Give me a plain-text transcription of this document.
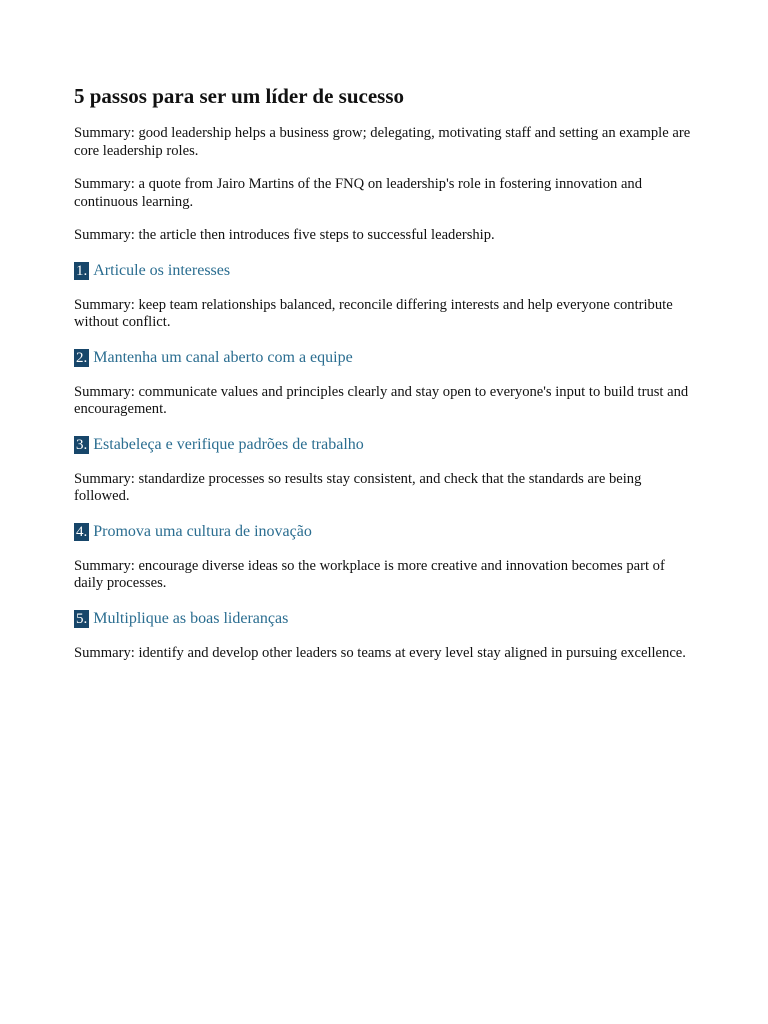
5 passos para ser um líder de sucesso

Summary: good leadership helps a business grow; delegating, motivating staff and setting an example are core leadership roles.

Summary: a quote from Jairo Martins of the FNQ on leadership's role in fostering innovation and continuous learning.

Summary: the article then introduces five steps to successful leadership.

1. Articule os interesses

Summary: keep team relationships balanced, reconcile differing interests and help everyone contribute without conflict.

2. Mantenha um canal aberto com a equipe

Summary: communicate values and principles clearly and stay open to everyone's input to build trust and encouragement.

3. Estabeleça e verifique padrões de trabalho

Summary: standardize processes so results stay consistent, and check that the standards are being followed.

4. Promova uma cultura de inovação

Summary: encourage diverse ideas so the workplace is more creative and innovation becomes part of daily processes.

5. Multiplique as boas lideranças

Summary: identify and develop other leaders so teams at every level stay aligned in pursuing excellence.
